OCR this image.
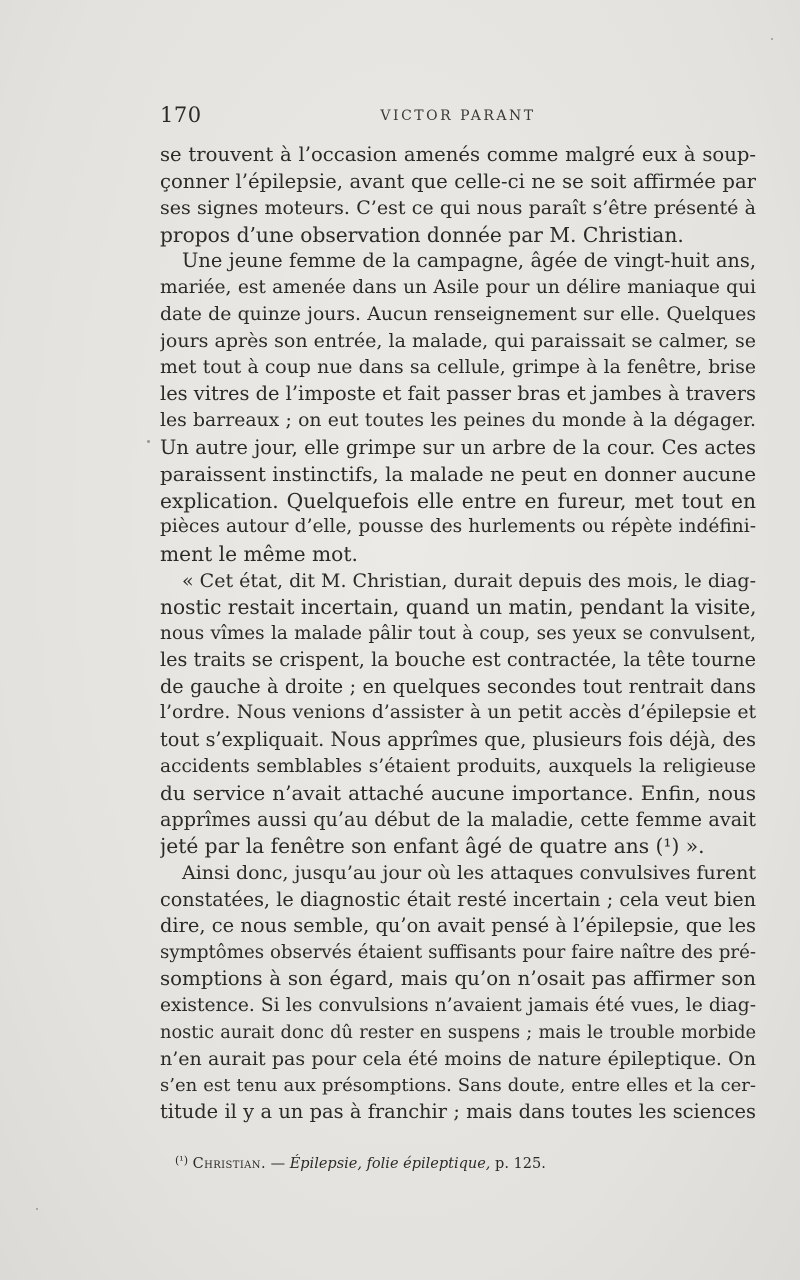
170	VICTOR PARANT
se trouvent à l’occasion amenés comme malgré eux à soup-
çonner l’épilepsie, avant que celle-ci ne se soit affirmée par
ses signes moteurs. C’est ce qui nous paraît s’être présenté à
propos d’une observation donnée par M. Christian.
Une jeune femme de la campagne, âgée de vingt-huit ans,
mariée, est amenée dans un Asile pour un délire maniaque qui
date de quinze jours. Aucun renseignement sur elle. Quelques
jours après son entrée, la malade, qui paraissait se calmer, se
met tout à coup nue dans sa cellule, grimpe à la fenêtre, brise
les vitres de l’imposte et fait passer bras et jambes à travers
les barreaux ; on eut toutes les peines du monde à la dégager.
Un autre jour, elle grimpe sur un arbre de la cour. Ces actes
paraissent instinctifs, la malade ne peut en donner aucune
explication. Quelquefois elle entre en fureur, met tout en
pièces autour d’elle, pousse des hurlements ou répète indéfini-
ment le même mot.
« Cet état, dit M. Christian, durait depuis des mois, le diag-
nostic restait incertain, quand un matin, pendant la visite,
nous vîmes la malade pâlir tout à coup, ses yeux se convulsent,
les traits se crispent, la bouche est contractée, la tête tourne
de gauche à droite ; en quelques secondes tout rentrait dans
l’ordre. Nous venions d’assister à un petit accès d’épilepsie et
tout s’expliquait. Nous apprîmes que, plusieurs fois déjà, des
accidents semblables s’étaient produits, auxquels la religieuse
du service n’avait attaché aucune importance. Enfin, nous
apprîmes aussi qu’au début de la maladie, cette femme avait
jeté par la fenêtre son enfant âgé de quatre ans (¹) ».
Ainsi donc, jusqu’au jour où les attaques convulsives furent
constatées, le diagnostic était resté incertain ; cela veut bien
dire, ce nous semble, qu’on avait pensé à l’épilepsie, que les
symptômes observés étaient suffisants pour faire naître des pré-
somptions à son égard, mais qu’on n’osait pas affirmer son
existence. Si les convulsions n’avaient jamais été vues, le diag-
nostic aurait donc dû rester en suspens ; mais le trouble morbide
n’en aurait pas pour cela été moins de nature épileptique. On
s’en est tenu aux présomptions. Sans doute, entre elles et la cer-
titude il y a un pas à franchir ; mais dans toutes les sciences
$^{(^1)}$ Christian. — Épilepsie, folie épileptique, p. 125.
